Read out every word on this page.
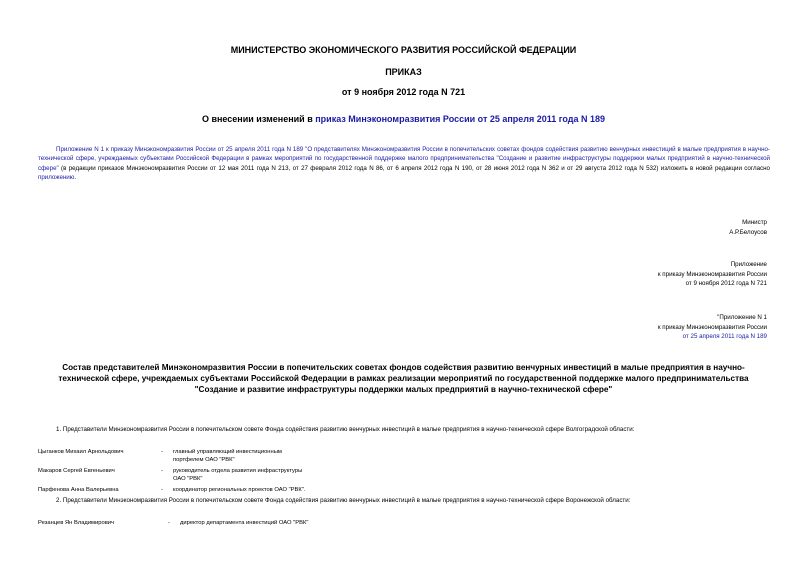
МИНИСТЕРСТВО ЭКОНОМИЧЕСКОГО РАЗВИТИЯ РОССИЙСКОЙ ФЕДЕРАЦИИ
ПРИКАЗ
от 9 ноября 2012 года N 721
О внесении изменений в приказ Минэкономразвития России от 25 апреля 2011 года N 189
Приложение N 1 к приказу Минэкономразвития России от 25 апреля 2011 года N 189 "О представителях Минэкономразвития России в попечительских советах фондов содействия развитию венчурных инвестиций в малые предприятия в научно-технической сфере, учреждаемых субъектами Российской Федерации в рамках мероприятий по государственной поддержке малого предпринимательства "Создание и развитие инфраструктуры поддержки малых предприятий в научно-технической сфере" (в редакции приказов Минэкономразвития России от 12 мая 2011 года N 213, от 27 февраля 2012 года N 86, от 6 апреля 2012 года N 190, от 28 июня 2012 года N 362 и от 29 августа 2012 года N 532) изложить в новой редакции согласно приложению.
Министр
А.Р.Белоусов
Приложение
к приказу Минэкономразвития России
от 9 ноября 2012 года N 721
"Приложение N 1
к приказу Минэкономразвития России
от 25 апреля 2011 года N 189
Состав представителей Минэкономразвития России в попечительских советах фондов содействия развитию венчурных инвестиций в малые предприятия в научно-технической сфере, учреждаемых субъектами Российской Федерации в рамках реализации мероприятий по государственной поддержке малого предпринимательства "Создание и развитие инфраструктуры поддержки малых предприятий в научно-технической сфере"
1. Представители Минэкономразвития России в попечительском совете Фонда содействия развитию венчурных инвестиций в малые предприятия в научно-технической сфере Волгоградской области:
Цыганков Михаил Арнольдович	-	главный управляющий инвестиционным
портфелем ОАО "РВК"
Макаров Сергей Евгеньевич	-	руководитель отдела развития инфраструктуры
ОАО "РВК"
Парфенова Анна Валерьевна	-	координатор региональных проектов ОАО "РВК".
2. Представители Минэкономразвития России в попечительском совете Фонда содействия развитию венчурных инвестиций в малые предприятия в научно-технической сфере Воронежской области:
Резанцев Ян Владимирович	-	директор департамента инвестиций ОАО "РВК"
